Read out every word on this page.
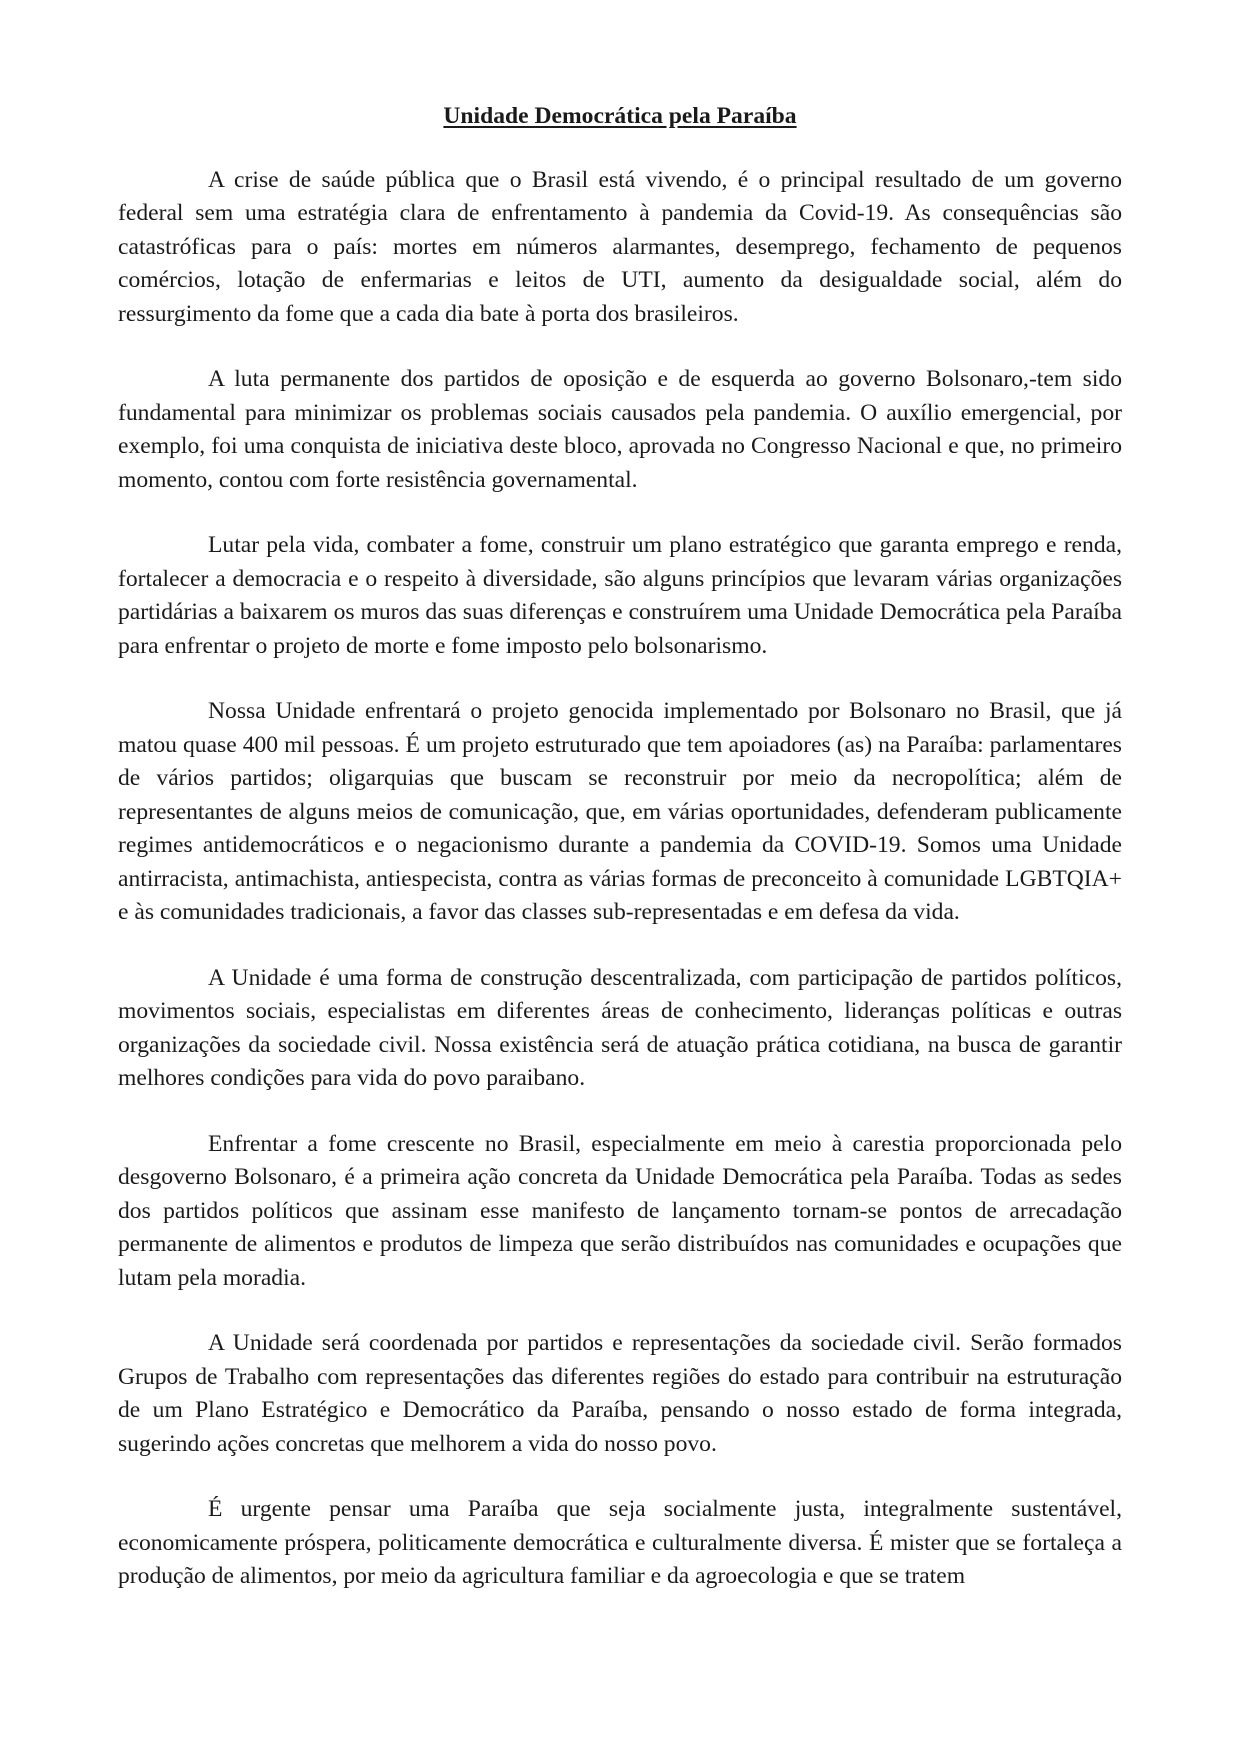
Unidade Democrática pela Paraíba

A crise de saúde pública que o Brasil está vivendo, é o principal resultado de um governo federal sem uma estratégia clara de enfrentamento à pandemia da Covid-19. As consequências são catastróficas para o país: mortes em números alarmantes, desemprego, fechamento de pequenos comércios, lotação de enfermarias e leitos de UTI, aumento da desigualdade social, além do ressurgimento da fome que a cada dia bate à porta dos brasileiros.

A luta permanente dos partidos de oposição e de esquerda ao governo Bolsonaro,-tem sido fundamental para minimizar os problemas sociais causados pela pandemia. O auxílio emergencial, por exemplo, foi uma conquista de iniciativa deste bloco, aprovada no Congresso Nacional e que, no primeiro momento, contou com forte resistência governamental.

Lutar pela vida, combater a fome, construir um plano estratégico que garanta emprego e renda, fortalecer a democracia e o respeito à diversidade, são alguns princípios que levaram várias organizações partidárias a baixarem os muros das suas diferenças e construírem uma Unidade Democrática pela Paraíba para enfrentar o projeto de morte e fome imposto pelo bolsonarismo.

Nossa Unidade enfrentará o projeto genocida implementado por Bolsonaro no Brasil, que já matou quase 400 mil pessoas. É um projeto estruturado que tem apoiadores (as) na Paraíba: parlamentares de vários partidos; oligarquias que buscam se reconstruir por meio da necropolítica; além de representantes de alguns meios de comunicação, que, em várias oportunidades, defenderam publicamente regimes antidemocráticos e o negacionismo durante a pandemia da COVID-19. Somos uma Unidade antirracista, antimachista, antiespecista, contra as várias formas de preconceito à comunidade LGBTQIA+ e às comunidades tradicionais, a favor das classes sub-representadas e em defesa da vida.

A Unidade é uma forma de construção descentralizada, com participação de partidos políticos, movimentos sociais, especialistas em diferentes áreas de conhecimento, lideranças políticas e outras organizações da sociedade civil. Nossa existência será de atuação prática cotidiana, na busca de garantir melhores condições para vida do povo paraibano.

Enfrentar a fome crescente no Brasil, especialmente em meio à carestia proporcionada pelo desgoverno Bolsonaro, é a primeira ação concreta da Unidade Democrática pela Paraíba. Todas as sedes dos partidos políticos que assinam esse manifesto de lançamento tornam-se pontos de arrecadação permanente de alimentos e produtos de limpeza que serão distribuídos nas comunidades e ocupações que lutam pela moradia.

A Unidade será coordenada por partidos e representações da sociedade civil. Serão formados Grupos de Trabalho com representações das diferentes regiões do estado para contribuir na estruturação de um Plano Estratégico e Democrático da Paraíba, pensando o nosso estado de forma integrada, sugerindo ações concretas que melhorem a vida do nosso povo.

É urgente pensar uma Paraíba que seja socialmente justa, integralmente sustentável, economicamente próspera, politicamente democrática e culturalmente diversa. É mister que se fortaleça a produção de alimentos, por meio da agricultura familiar e da agroecologia e que se tratem
